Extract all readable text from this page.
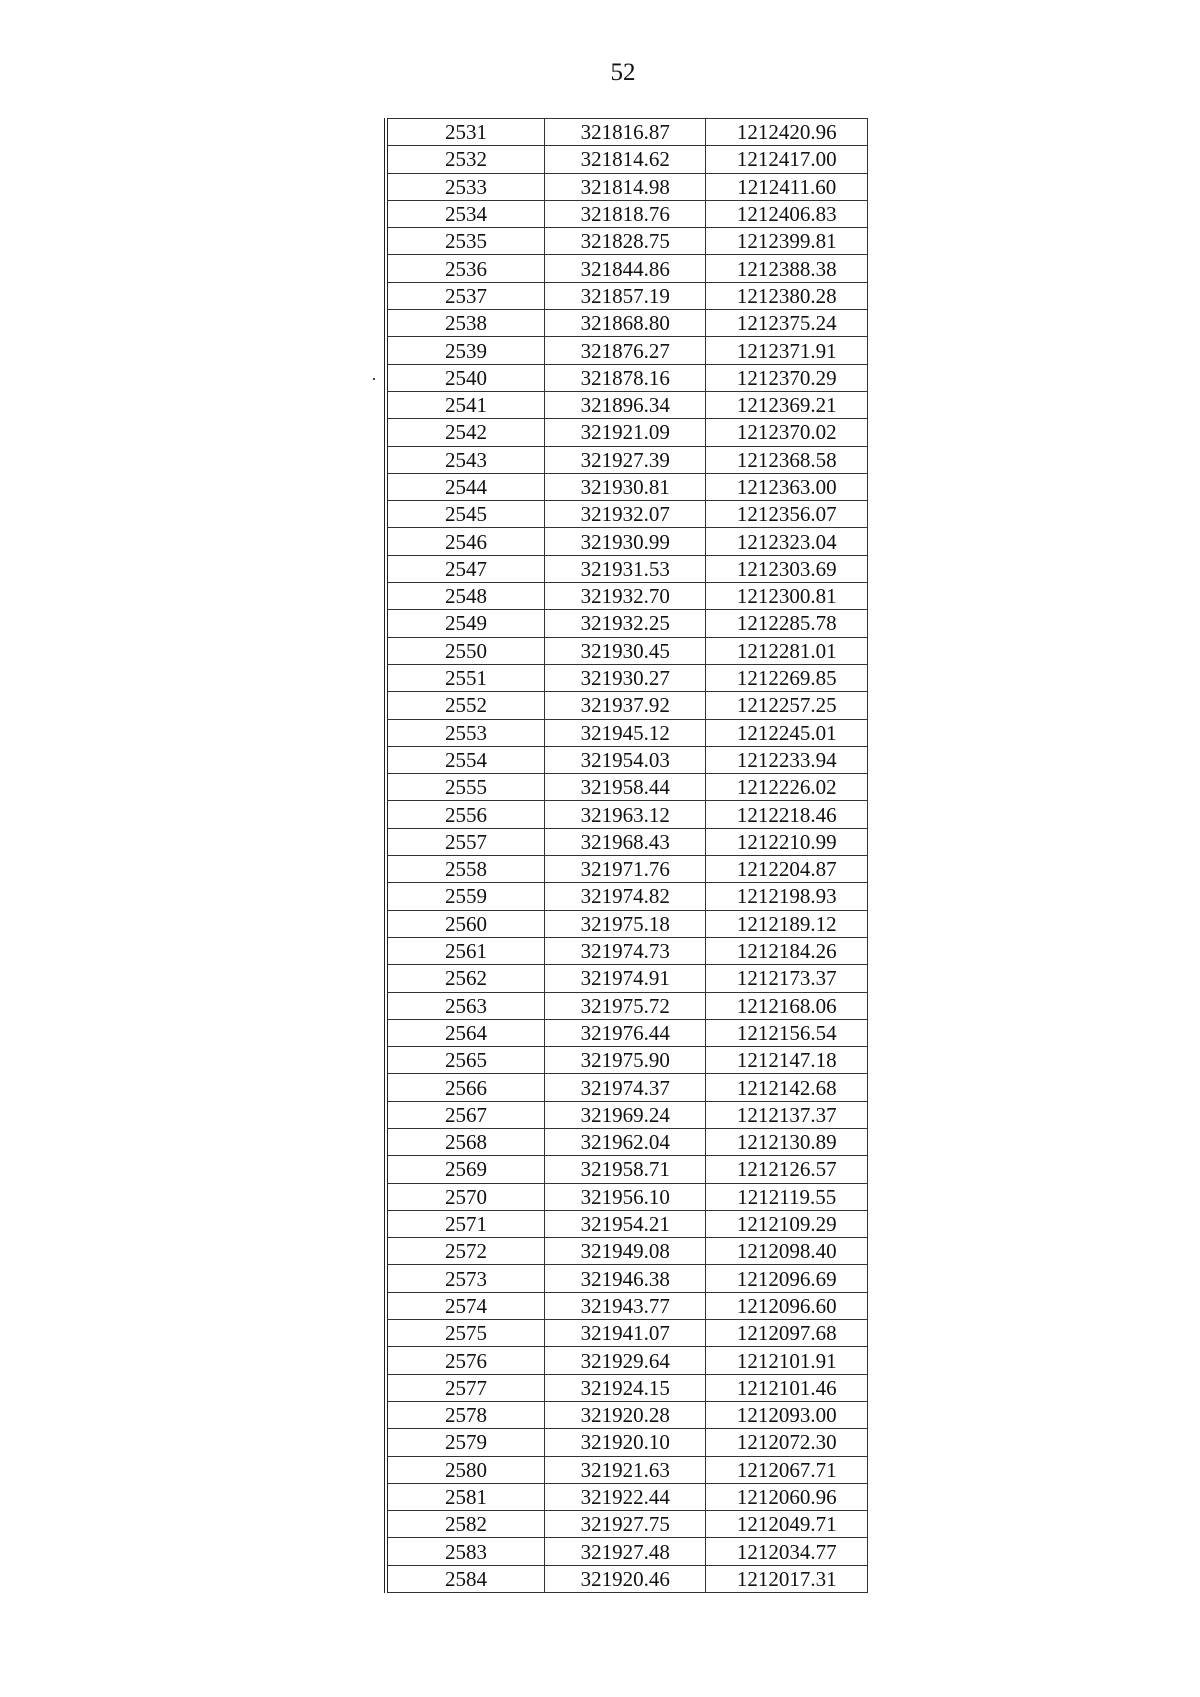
52
2531	321816.87	1212420.96
2532	321814.62	1212417.00
2533	321814.98	1212411.60
2534	321818.76	1212406.83
2535	321828.75	1212399.81
2536	321844.86	1212388.38
2537	321857.19	1212380.28
2538	321868.80	1212375.24
2539	321876.27	1212371.91
2540	321878.16	1212370.29
2541	321896.34	1212369.21
2542	321921.09	1212370.02
2543	321927.39	1212368.58
2544	321930.81	1212363.00
2545	321932.07	1212356.07
2546	321930.99	1212323.04
2547	321931.53	1212303.69
2548	321932.70	1212300.81
2549	321932.25	1212285.78
2550	321930.45	1212281.01
2551	321930.27	1212269.85
2552	321937.92	1212257.25
2553	321945.12	1212245.01
2554	321954.03	1212233.94
2555	321958.44	1212226.02
2556	321963.12	1212218.46
2557	321968.43	1212210.99
2558	321971.76	1212204.87
2559	321974.82	1212198.93
2560	321975.18	1212189.12
2561	321974.73	1212184.26
2562	321974.91	1212173.37
2563	321975.72	1212168.06
2564	321976.44	1212156.54
2565	321975.90	1212147.18
2566	321974.37	1212142.68
2567	321969.24	1212137.37
2568	321962.04	1212130.89
2569	321958.71	1212126.57
2570	321956.10	1212119.55
2571	321954.21	1212109.29
2572	321949.08	1212098.40
2573	321946.38	1212096.69
2574	321943.77	1212096.60
2575	321941.07	1212097.68
2576	321929.64	1212101.91
2577	321924.15	1212101.46
2578	321920.28	1212093.00
2579	321920.10	1212072.30
2580	321921.63	1212067.71
2581	321922.44	1212060.96
2582	321927.75	1212049.71
2583	321927.48	1212034.77
2584	321920.46	1212017.31
